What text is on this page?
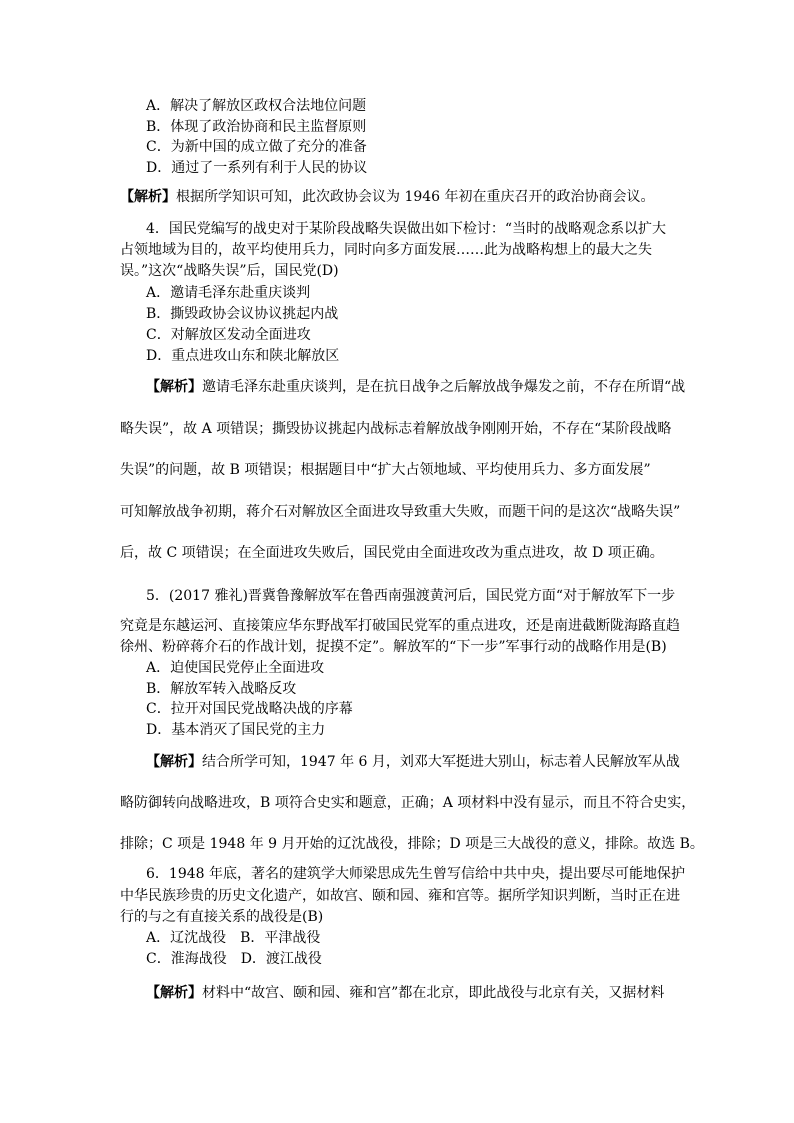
A．解决了解放区政权合法地位问题
B．体现了政治协商和民主监督原则
C．为新中国的成立做了充分的准备
D．通过了一系列有利于人民的协议
【解析】根据所学知识可知，此次政协会议为 1946 年初在重庆召开的政治协商会议。
4．国民党编写的战史对于某阶段战略失误做出如下检讨：“当时的战略观念系以扩大
占领地域为目的，故平均使用兵力，同时向多方面发展……此为战略构想上的最大之失
误。”这次“战略失误”后，国民党(D)
A．邀请毛泽东赴重庆谈判
B．撕毁政协会议协议挑起内战
C．对解放区发动全面进攻
D．重点进攻山东和陕北解放区
【解析】邀请毛泽东赴重庆谈判，是在抗日战争之后解放战争爆发之前，不存在所谓“战
略失误”，故 A 项错误；撕毁协议挑起内战标志着解放战争刚刚开始，不存在“某阶段战略
失误”的问题，故 B 项错误；根据题目中“扩大占领地域、平均使用兵力、多方面发展”
可知解放战争初期，蒋介石对解放区全面进攻导致重大失败，而题干问的是这次“战略失误”
后，故 C 项错误；在全面进攻失败后，国民党由全面进攻改为重点进攻，故 D 项正确。
5．(2017 雅礼)晋冀鲁豫解放军在鲁西南强渡黄河后，国民党方面“对于解放军下一步
究竟是东越运河、直接策应华东野战军打破国民党军的重点进攻，还是南进截断陇海路直趋
徐州、粉碎蒋介石的作战计划，捉摸不定”。解放军的“下一步”军事行动的战略作用是(B)
A．迫使国民党停止全面进攻
B．解放军转入战略反攻
C．拉开对国民党战略决战的序幕
D．基本消灭了国民党的主力
【解析】结合所学可知，1947 年 6 月，刘邓大军挺进大别山，标志着人民解放军从战
略防御转向战略进攻，B 项符合史实和题意，正确；A 项材料中没有显示，而且不符合史实，
排除；C 项是 1948 年 9 月开始的辽沈战役，排除；D 项是三大战役的意义，排除。故选 B。
6．1948 年底，著名的建筑学大师梁思成先生曾写信给中共中央，提出要尽可能地保护
中华民族珍贵的历史文化遗产，如故宫、颐和园、雍和宫等。据所学知识判断，当时正在进
行的与之有直接关系的战役是(B)
A．辽沈战役　B．平津战役
C．淮海战役　D．渡江战役
【解析】材料中“故宫、颐和园、雍和宫”都在北京，即此战役与北京有关，又据材料
